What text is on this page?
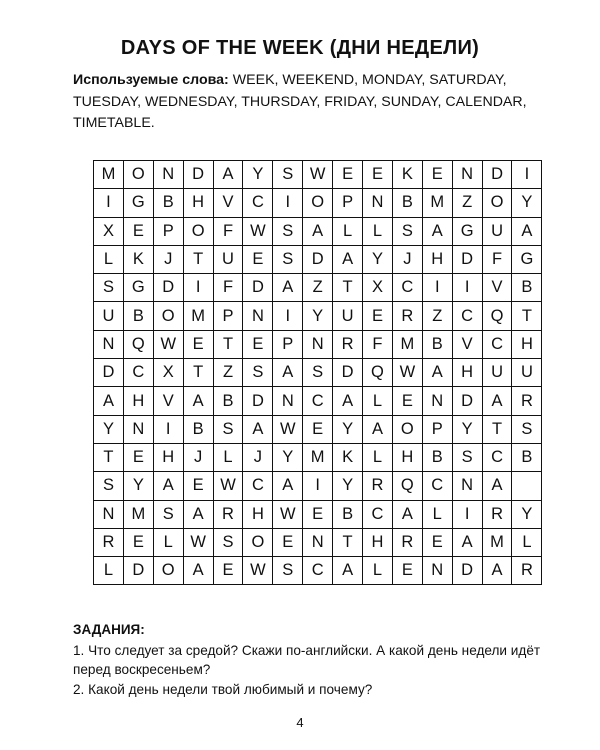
DAYS OF THE WEEK (ДНИ НЕДЕЛИ)

Используемые слова: WEEK, WEEKEND, MONDAY, SATURDAY, TUESDAY, WEDNESDAY, THURSDAY, FRIDAY, SUNDAY, CALENDAR, TIMETABLE.

M	O	N	D	A	Y	S	W	E	E	K	E	N	D	I
I	G	B	H	V	C	I	O	P	N	B	M	Z	O	Y
X	E	P	O	F	W	S	A	L	L	S	A	G	U	A
L	K	J	T	U	E	S	D	A	Y	J	H	D	F	G
S	G	D	I	F	D	A	Z	T	X	C	I	I	V	B
U	B	O	M	P	N	I	Y	U	E	R	Z	C	Q	T
N	Q	W	E	T	E	P	N	R	F	M	B	V	C	H
D	C	X	T	Z	S	A	S	D	Q	W	A	H	U	U
A	H	V	A	B	D	N	C	A	L	E	N	D	A	R
Y	N	I	B	S	A	W	E	Y	A	O	P	Y	T	S
T	E	H	J	L	J	Y	M	K	L	H	B	S	C	B
S	Y	A	E	W	C	A	I	Y	R	Q	C	N	A	
N	M	S	A	R	H	W	E	B	C	A	L	I	R	Y
R	E	L	W	S	O	E	N	T	H	R	E	A	M	L
L	D	O	A	E	W	S	C	A	L	E	N	D	A	R

ЗАДАНИЯ:

1. Что следует за средой? Скажи по-английски. А какой день недели идёт перед воскресеньем?

2. Какой день недели твой любимый и почему?

4
